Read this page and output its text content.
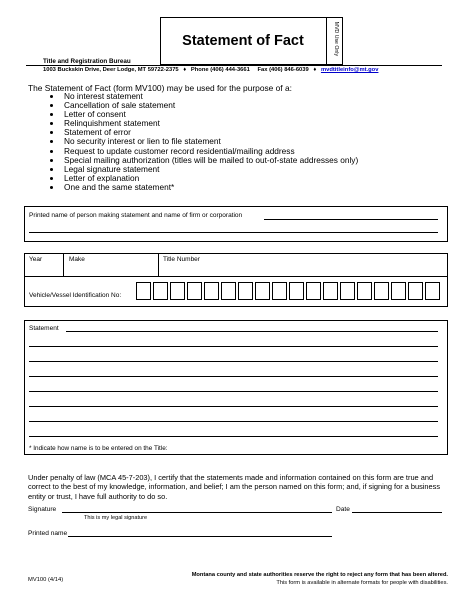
Statement of Fact	MVD Use Only
Title and Registration Bureau
1003 Buckskin Drive, Deer Lodge, MT 59722-2375 ♦ Phone (406) 444-3661 Fax (406) 846-6039 ♦ mvdtitleinfo@mt.gov
The Statement of Fact (form MV100) may be used for the purpose of a:
• No interest statement
• Cancellation of sale statement
• Letter of consent
• Relinquishment statement
• Statement of error
• No security interest or lien to file statement
• Request to update customer record residential/mailing address
• Special mailing authorization (titles will be mailed to out-of-state addresses only)
• Legal signature statement
• Letter of explanation
• One and the same statement*
Printed name of person making statement and name of firm or corporation
Year	Make	Title Number
Vehicle/Vessel Identification No:
Statement
* Indicate how name is to be entered on the Title:
Under penalty of law (MCA 45-7-203), I certify that the statements made and information contained on this form are true and correct to the best of my knowledge, information, and belief; I am the person named on this form; and, if signing for a business entity or trust, I have full authority to do so.
Signature
This is my legal signature
Date
Printed name
MV100 (4/14)
Montana county and state authorities reserve the right to reject any form that has been altered.
This form is available in alternate formats for people with disabilities.
